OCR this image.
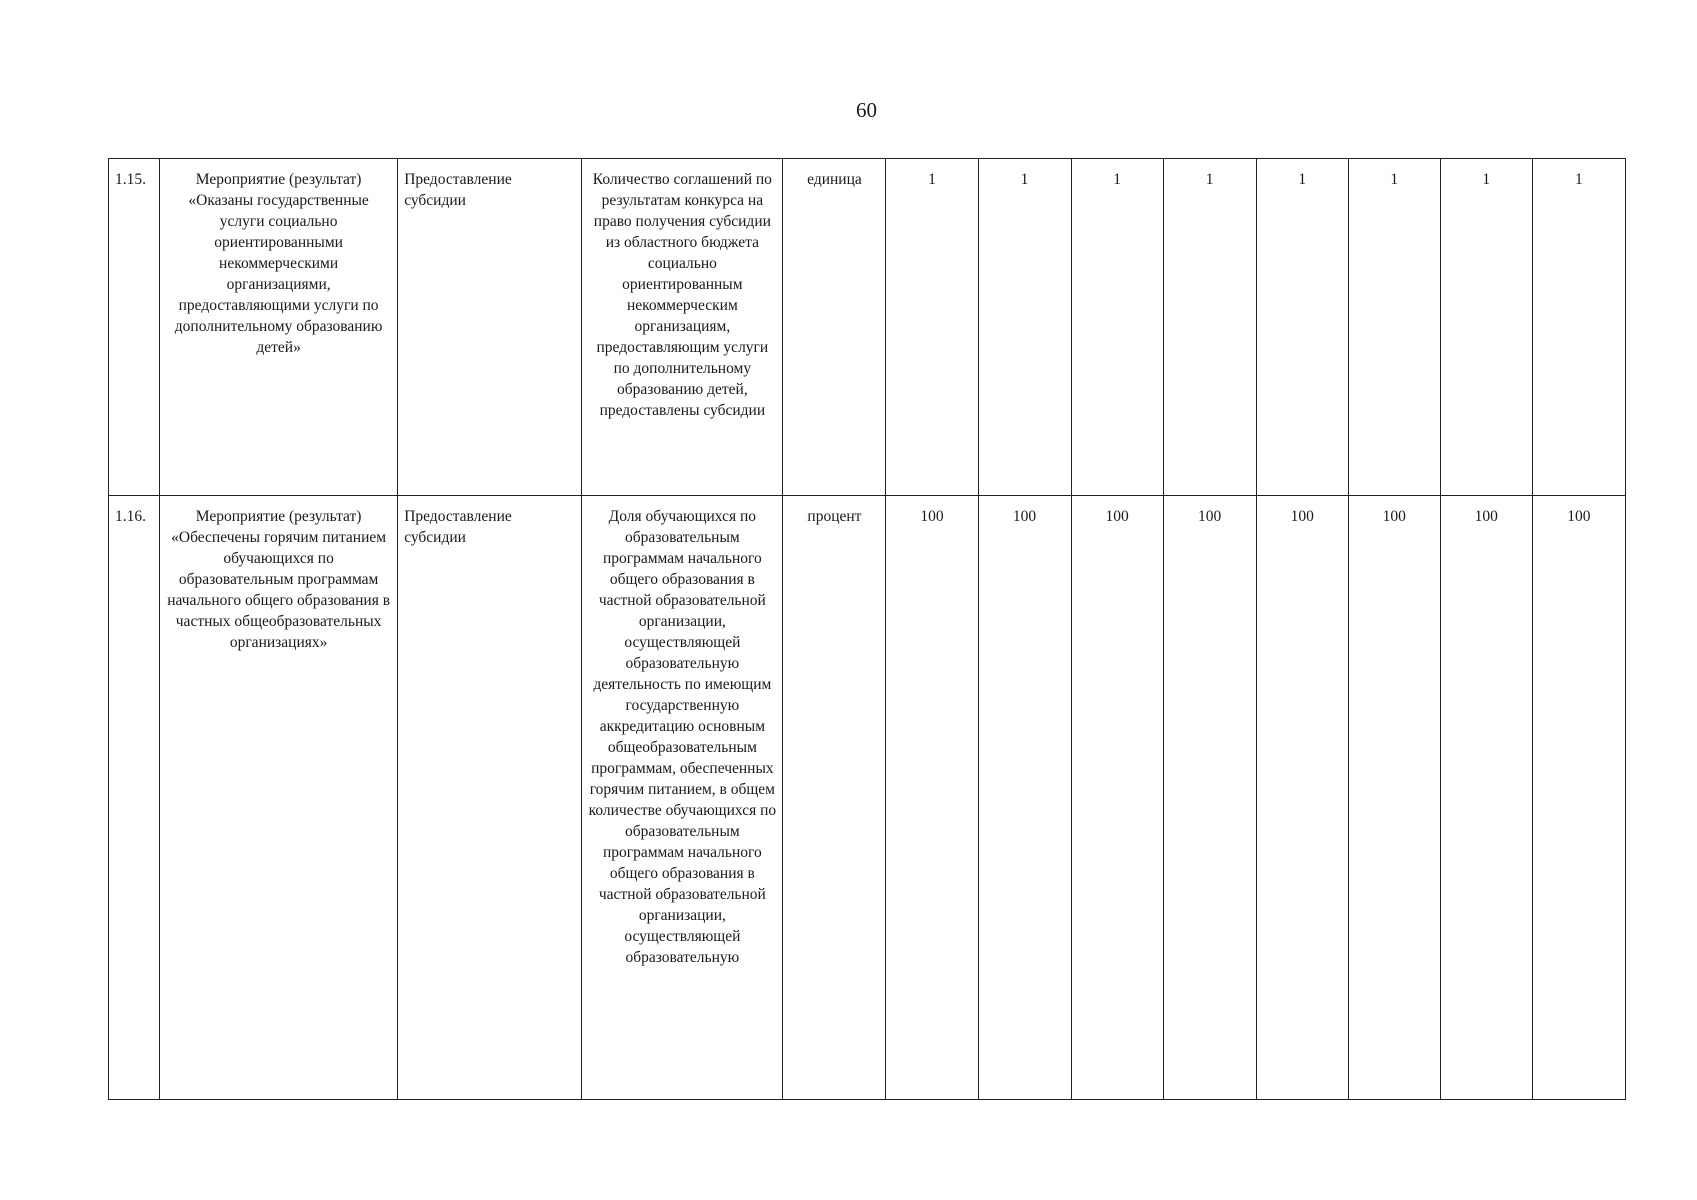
60
1.15.	Мероприятие (результат) «Оказаны государственные услуги социально ориентированными некоммерческими организациями, предоставляющими услуги по дополнительному образованию детей»	Предоставление субсидии	Количество соглашений по результатам конкурса на право получения субсидии из областного бюджета социально ориентированным некоммерческим организациям, предоставляющим услуги по дополнительному образованию детей, предоставлены субсидии	единица	1	1	1	1	1	1	1	1
1.16.	Мероприятие (результат) «Обеспечены горячим питанием обучающихся по образовательным программам начального общего образования в частных общеобразовательных организациях»	Предоставление субсидии	Доля обучающихся по образовательным программам начального общего образования в частной образовательной организации, осуществляющей образовательную деятельность по имеющим государственную аккредитацию основным общеобразовательным программам, обеспеченных горячим питанием, в общем количестве обучающихся по образовательным программам начального общего образования в частной образовательной организации, осуществляющей образовательную	процент	100	100	100	100	100	100	100	100
